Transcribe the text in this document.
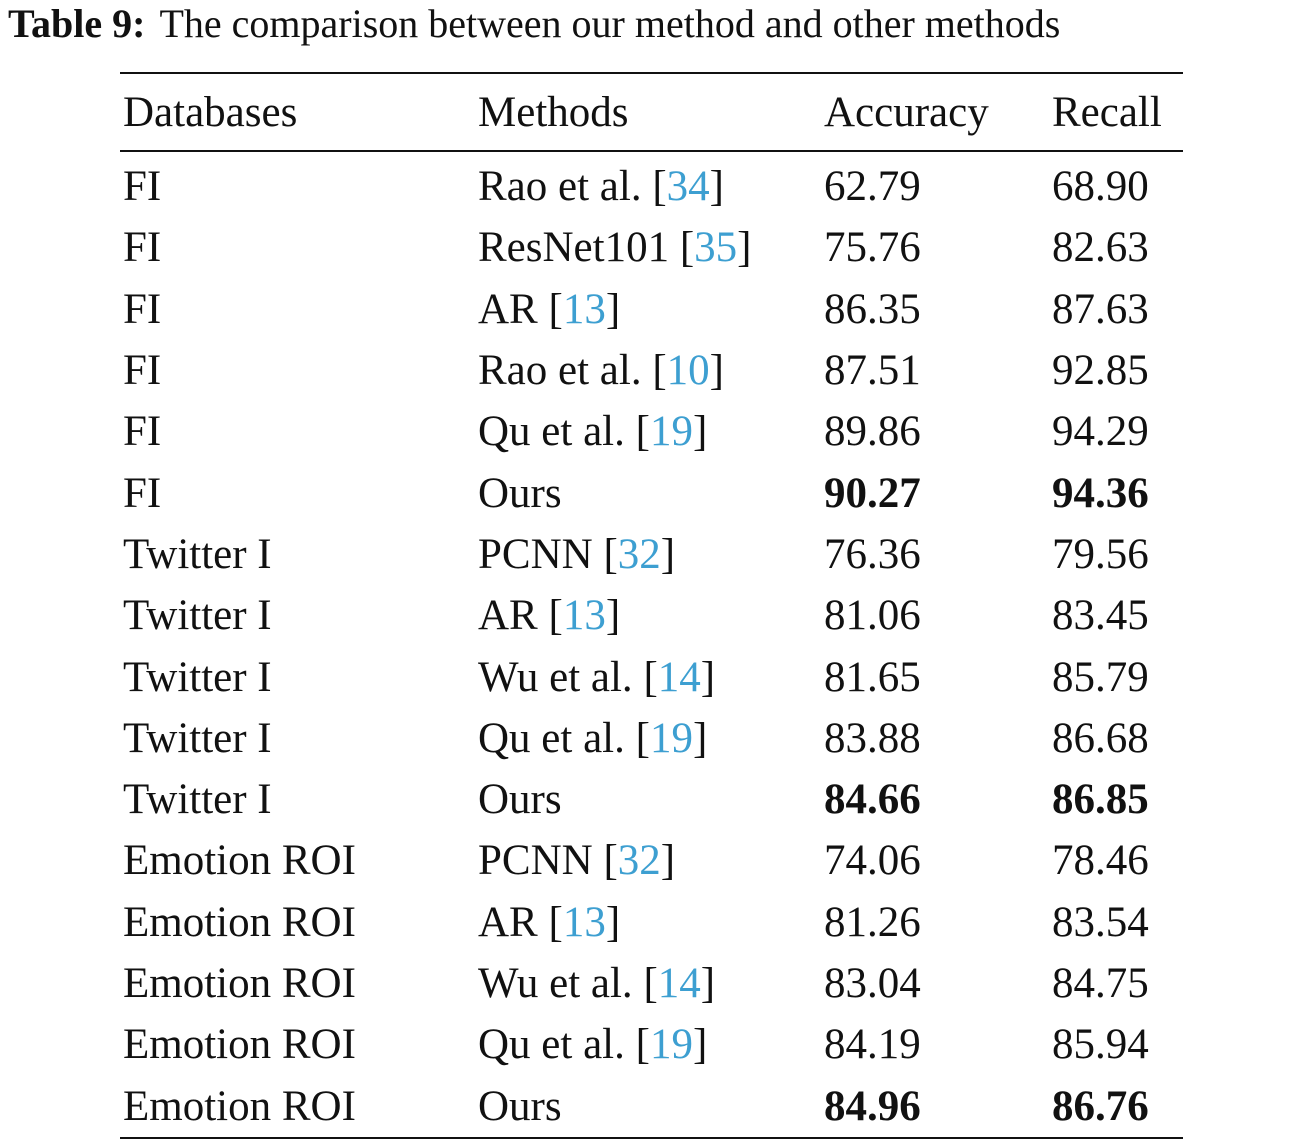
Table 9: The comparison between our method and other methods
Databases	Methods	Accuracy	Recall
FI	Rao et al. [34]	62.79	68.90
FI	ResNet101 [35]	75.76	82.63
FI	AR [13]	86.35	87.63
FI	Rao et al. [10]	87.51	92.85
FI	Qu et al. [19]	89.86	94.29
FI	Ours	90.27	94.36
Twitter I	PCNN [32]	76.36	79.56
Twitter I	AR [13]	81.06	83.45
Twitter I	Wu et al. [14]	81.65	85.79
Twitter I	Qu et al. [19]	83.88	86.68
Twitter I	Ours	84.66	86.85
Emotion ROI	PCNN [32]	74.06	78.46
Emotion ROI	AR [13]	81.26	83.54
Emotion ROI	Wu et al. [14]	83.04	84.75
Emotion ROI	Qu et al. [19]	84.19	85.94
Emotion ROI	Ours	84.96	86.76
